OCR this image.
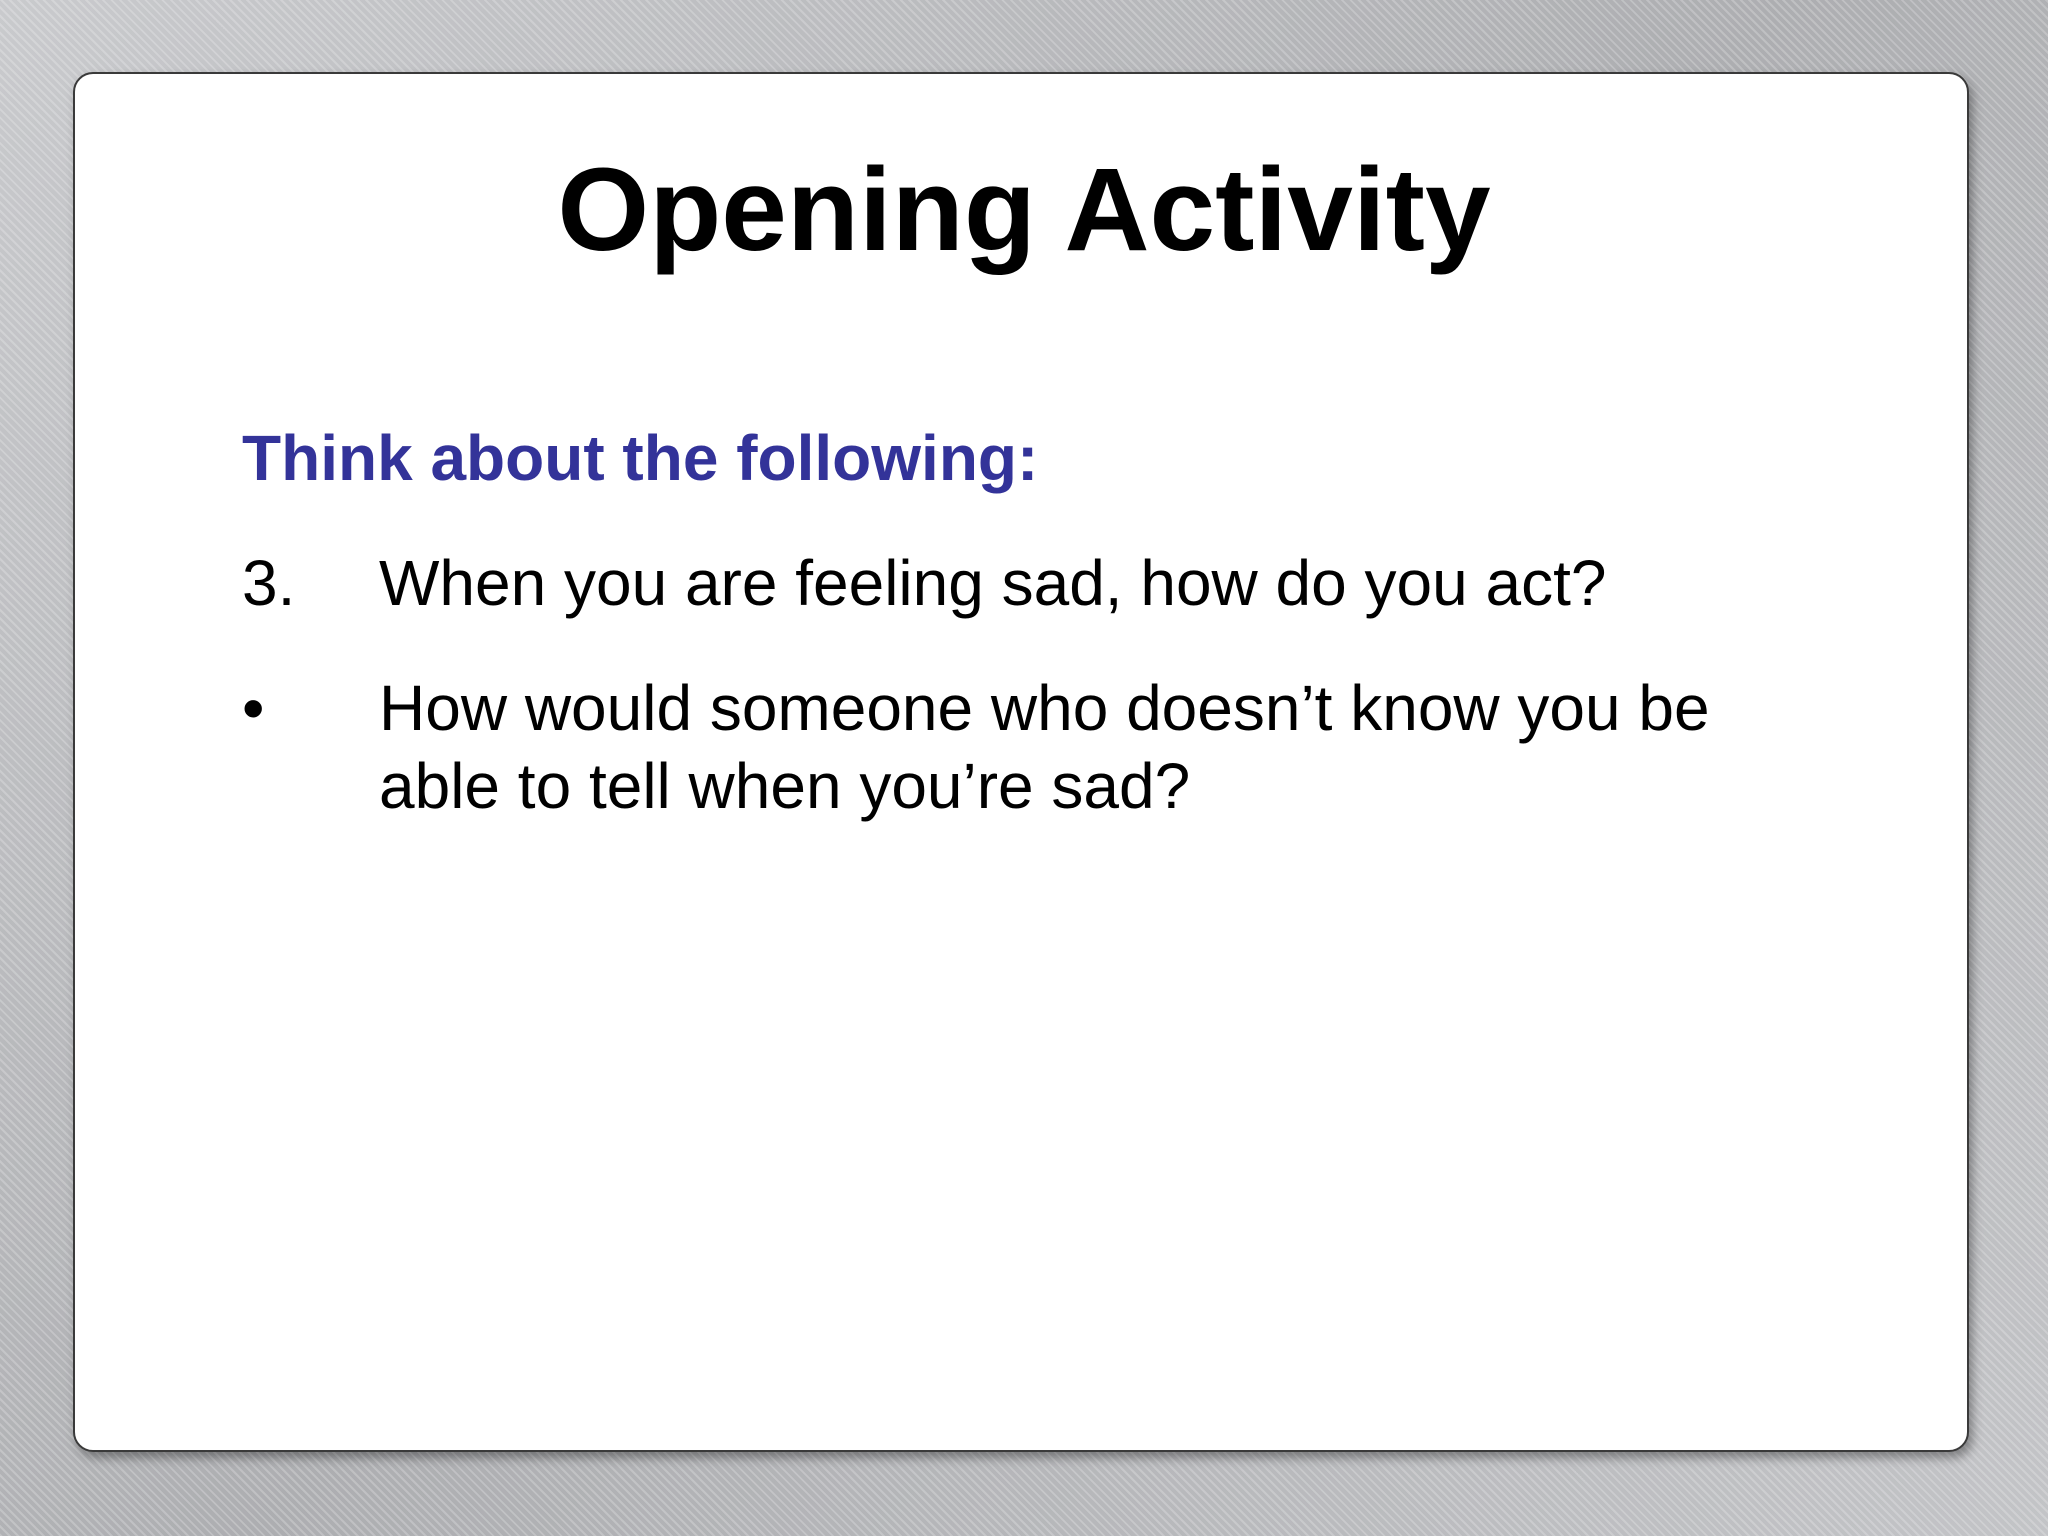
Opening Activity

Think about the following:

3.	When you are feeling sad, how do you act?
•	How would someone who doesn’t know you be able to tell when you’re sad?
